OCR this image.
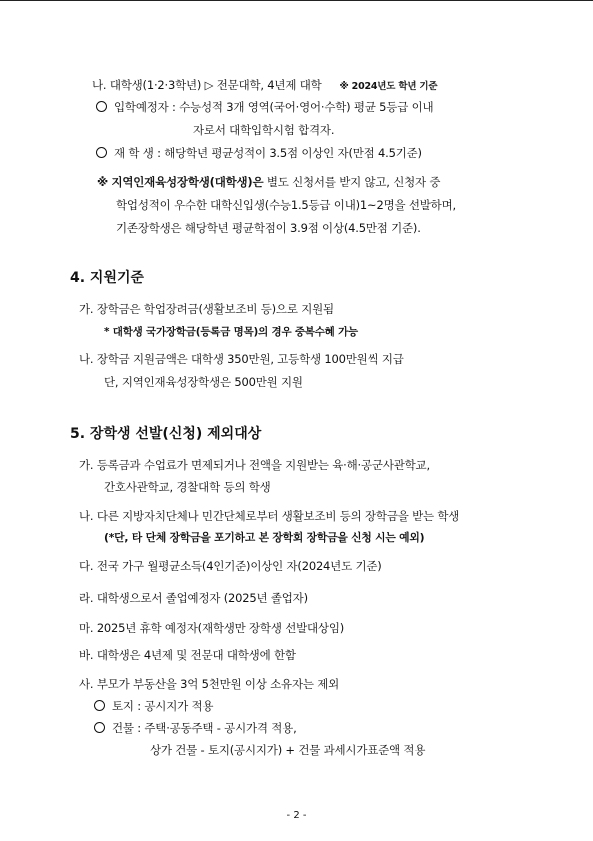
나. 대학생(1·2·3학년) ▷ 전문대학, 4년제 대학 ※ 2024년도 학년 기준
입학예정자 : 수능성적 3개 영역(국어·영어·수학) 평균 5등급 이내
자로서 대학입학시험 합격자.
재 학 생 : 해당학년 평균성적이 3.5점 이상인 자(만점 4.5기준)
※ 지역인재육성장학생(대학생)은 별도 신청서를 받지 않고, 신청자 중
학업성적이 우수한 대학신입생(수능1.5등급 이내)1~2명을 선발하며,
기존장학생은 해당학년 평균학점이 3.9점 이상(4.5만점 기준).
4. 지원기준
가. 장학금은 학업장려금(생활보조비 등)으로 지원됨
* 대학생 국가장학금(등록금 명목)의 경우 중복수혜 가능
나. 장학금 지원금액은 대학생 350만원, 고등학생 100만원씩 지급
단, 지역인재육성장학생은 500만원 지원
5. 장학생 선발(신청) 제외대상
가. 등록금과 수업료가 면제되거나 전액을 지원받는 육·해·공군사관학교,
간호사관학교, 경찰대학 등의 학생
나. 다른 지방자치단체나 민간단체로부터 생활보조비 등의 장학금을 받는 학생
(*단, 타 단체 장학금을 포기하고 본 장학회 장학금을 신청 시는 예외)
다. 전국 가구 월평균소득(4인기준)이상인 자(2024년도 기준)
라. 대학생으로서 졸업예정자 (2025년 졸업자)
마. 2025년 휴학 예정자(재학생만 장학생 선발대상임)
바. 대학생은 4년제 및 전문대 대학생에 한함
사. 부모가 부동산을 3억 5천만원 이상 소유자는 제외
토지 : 공시지가 적용
건물 : 주택·공동주택 - 공시가격 적용,
상가 건물 - 토지(공시지가) + 건물 과세시가표준액 적용
- 2 -
